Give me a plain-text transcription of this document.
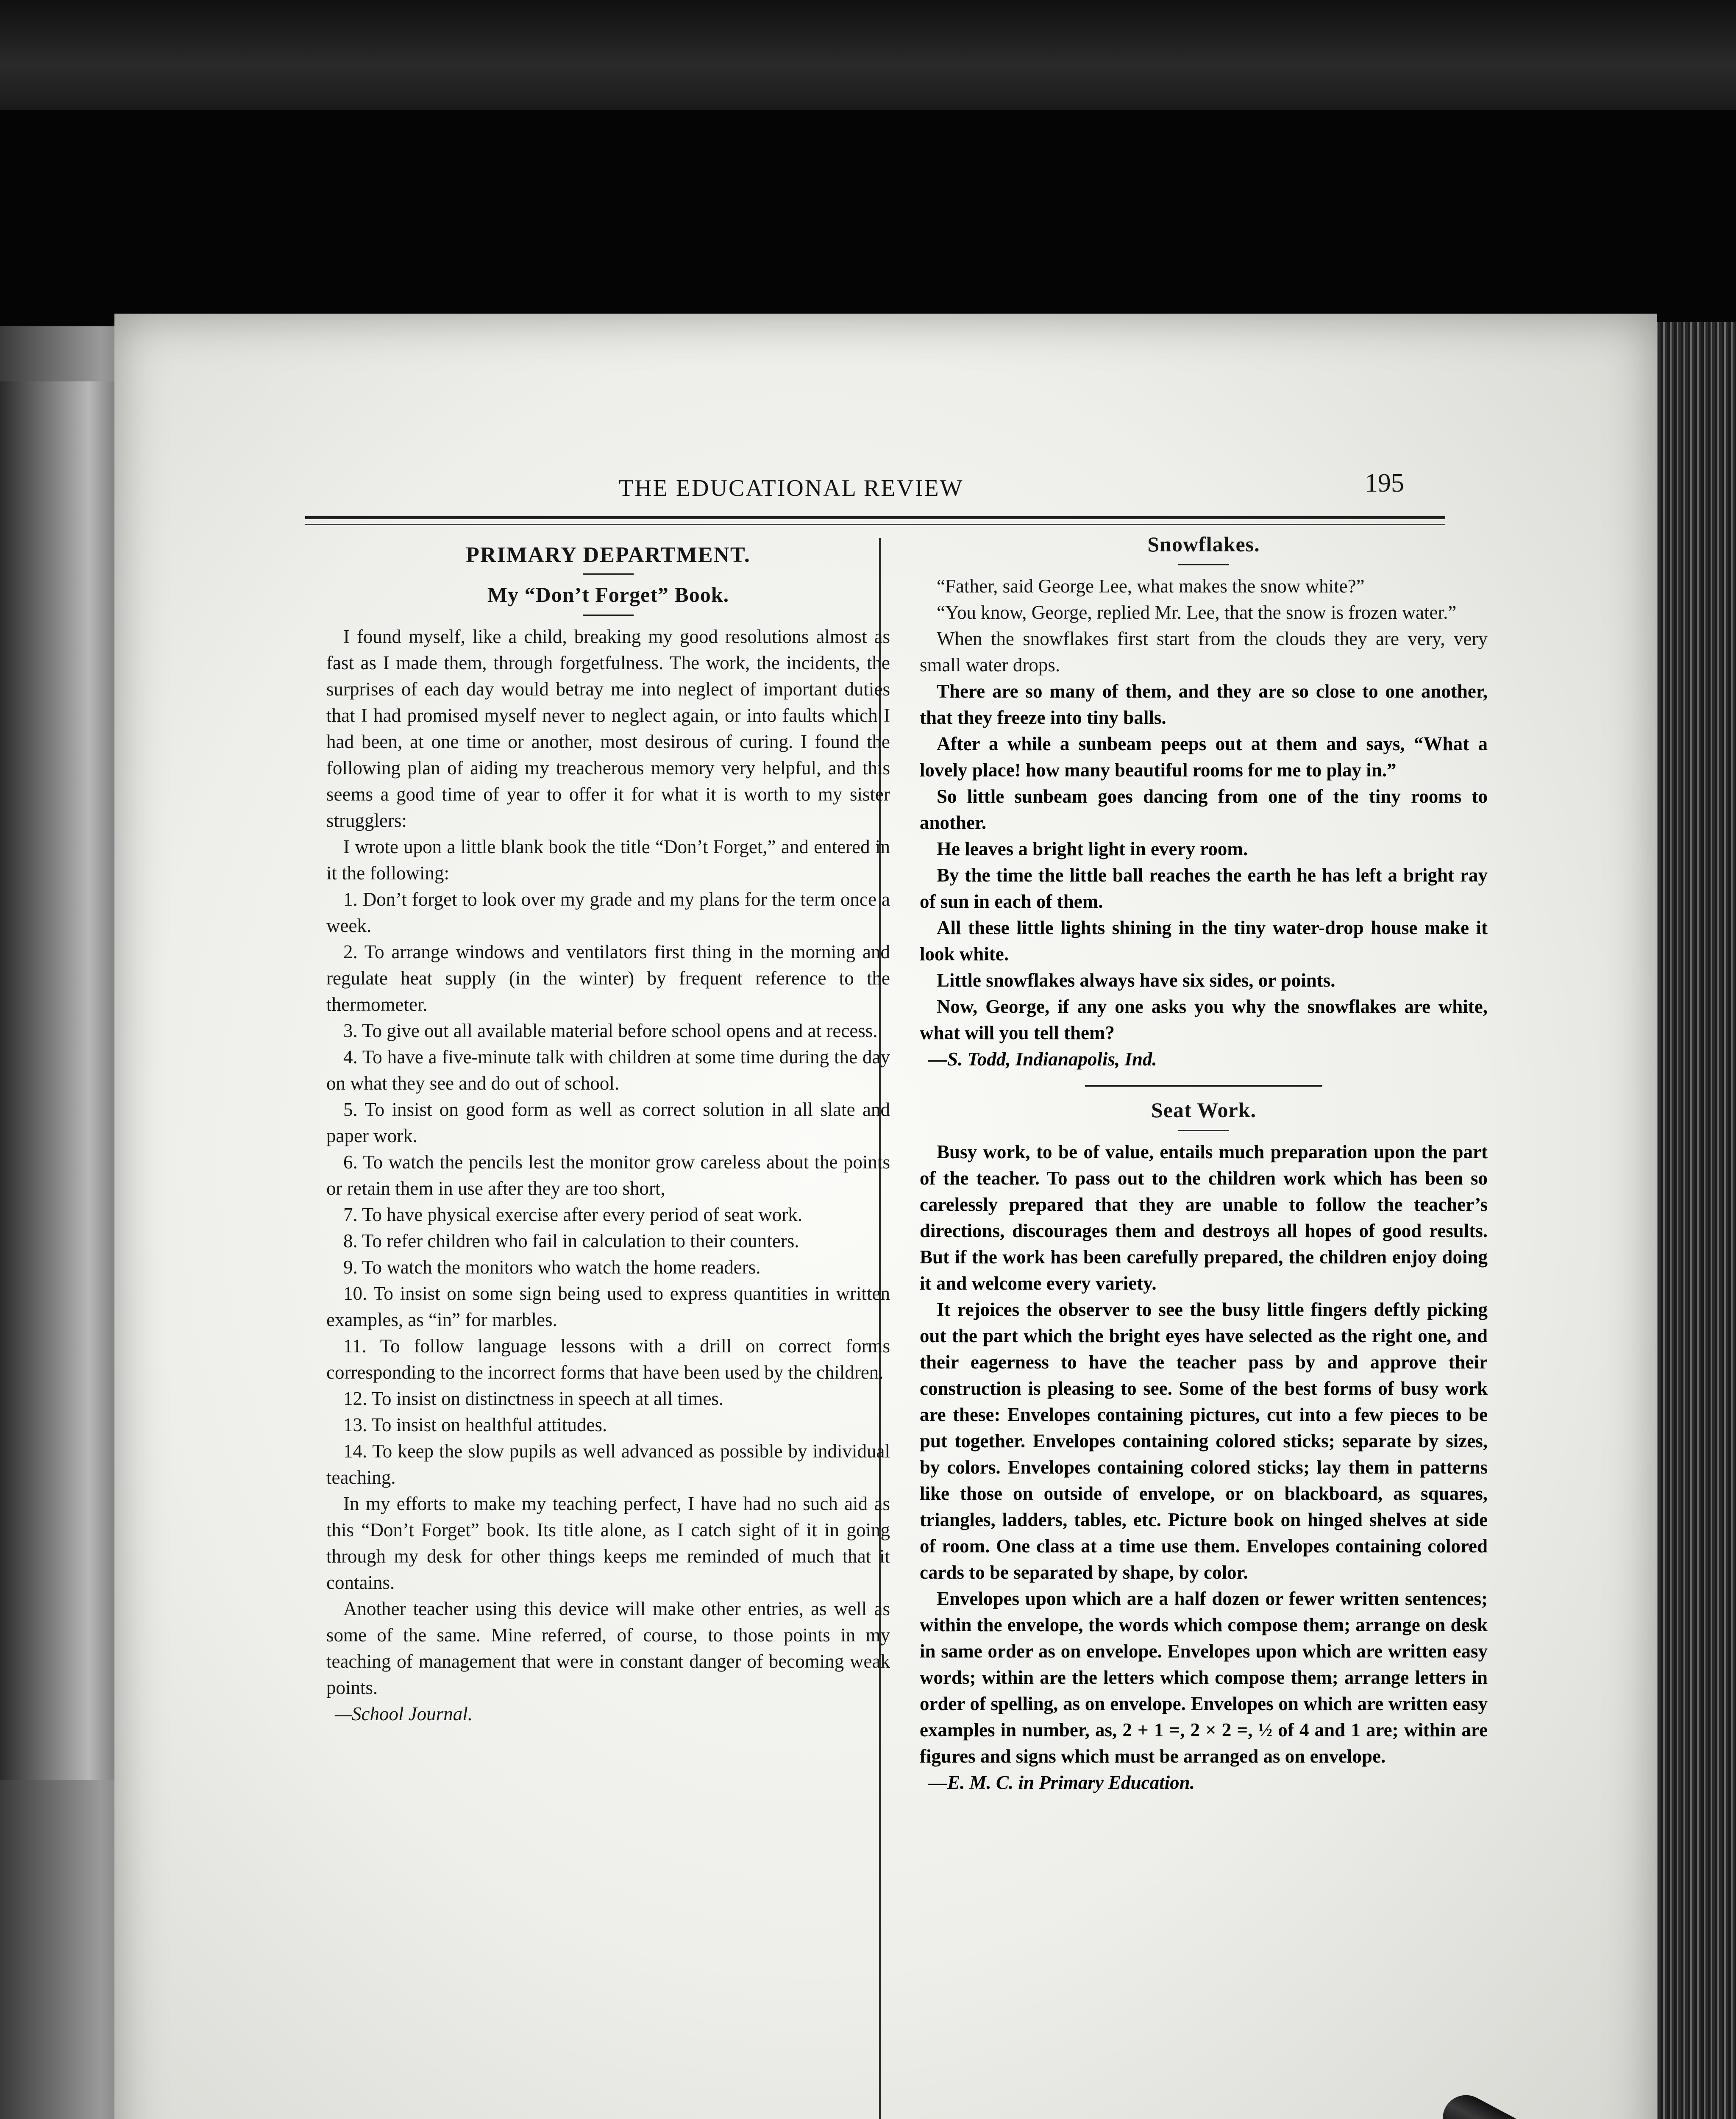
THE EDUCATIONAL REVIEW	195
PRIMARY DEPARTMENT.
My “Don’t Forget” Book.

I found myself, like a child, breaking my good resolutions almost as fast as I made them, through forgetfulness. The work, the incidents, the surprises of each day would betray me into neglect of important duties that I had promised myself never to neglect again, or into faults which I had been, at one time or another, most desirous of curing. I found the following plan of aiding my treacherous memory very helpful, and this seems a good time of year to offer it for what it is worth to my sister strugglers:

I wrote upon a little blank book the title “Don’t Forget,” and entered in it the following:

1. Don’t forget to look over my grade and my plans for the term once a week.

2. To arrange windows and ventilators first thing in the morning and regulate heat supply (in the winter) by frequent reference to the thermometer.

3. To give out all available material before school opens and at recess.

4. To have a five-minute talk with children at some time during the day on what they see and do out of school.

5. To insist on good form as well as correct solution in all slate and paper work.

6. To watch the pencils lest the monitor grow careless about the points or retain them in use after they are too short,

7. To have physical exercise after every period of seat work.

8. To refer children who fail in calculation to their counters.

9. To watch the monitors who watch the home readers.

10. To insist on some sign being used to express quantities in written examples, as “in” for marbles.

11. To follow language lessons with a drill on correct forms corresponding to the incorrect forms that have been used by the children.

12. To insist on distinctness in speech at all times.

13. To insist on healthful attitudes.

14. To keep the slow pupils as well advanced as possible by individual teaching.

In my efforts to make my teaching perfect, I have had no such aid as this “Don’t Forget” book. Its title alone, as I catch sight of it in going through my desk for other things keeps me reminded of much that it contains.

Another teacher using this device will make other entries, as well as some of the same. Mine referred, of course, to those points in my teaching of management that were in constant danger of becoming weak points.

—School Journal.

Snowflakes.

“Father, said George Lee, what makes the snow white?”

“You know, George, replied Mr. Lee, that the snow is frozen water.”

When the snowflakes first start from the clouds they are very, very small water drops.

There are so many of them, and they are so close to one another, that they freeze into tiny balls.

After a while a sunbeam peeps out at them and says, “What a lovely place! how many beautiful rooms for me to play in.”

So little sunbeam goes dancing from one of the tiny rooms to another.

He leaves a bright light in every room.

By the time the little ball reaches the earth he has left a bright ray of sun in each of them.

All these little lights shining in the tiny water-drop house make it look white.

Little snowflakes always have six sides, or points.

Now, George, if any one asks you why the snowflakes are white, what will you tell them?

—S. Todd, Indianapolis, Ind.

Seat Work.

Busy work, to be of value, entails much preparation upon the part of the teacher. To pass out to the children work which has been so carelessly prepared that they are unable to follow the teacher’s directions, discourages them and destroys all hopes of good results. But if the work has been carefully prepared, the children enjoy doing it and welcome every variety.

It rejoices the observer to see the busy little fingers deftly picking out the part which the bright eyes have selected as the right one, and their eagerness to have the teacher pass by and approve their construction is pleasing to see. Some of the best forms of busy work are these: Envelopes containing pictures, cut into a few pieces to be put together. Envelopes containing colored sticks; separate by sizes, by colors. Envelopes containing colored sticks; lay them in patterns like those on outside of envelope, or on blackboard, as squares, triangles, ladders, tables, etc. Picture book on hinged shelves at side of room. One class at a time use them. Envelopes containing colored cards to be separated by shape, by color.

Envelopes upon which are a half dozen or fewer written sentences; within the envelope, the words which compose them; arrange on desk in same order as on envelope. Envelopes upon which are written easy words; within are the letters which compose them; arrange letters in order of spelling, as on envelope. Envelopes on which are written easy examples in number, as, 2 + 1 =, 2 × 2 =, ½ of 4 and 1 are; within are figures and signs which must be arranged as on envelope.

—E. M. C. in Primary Education.
